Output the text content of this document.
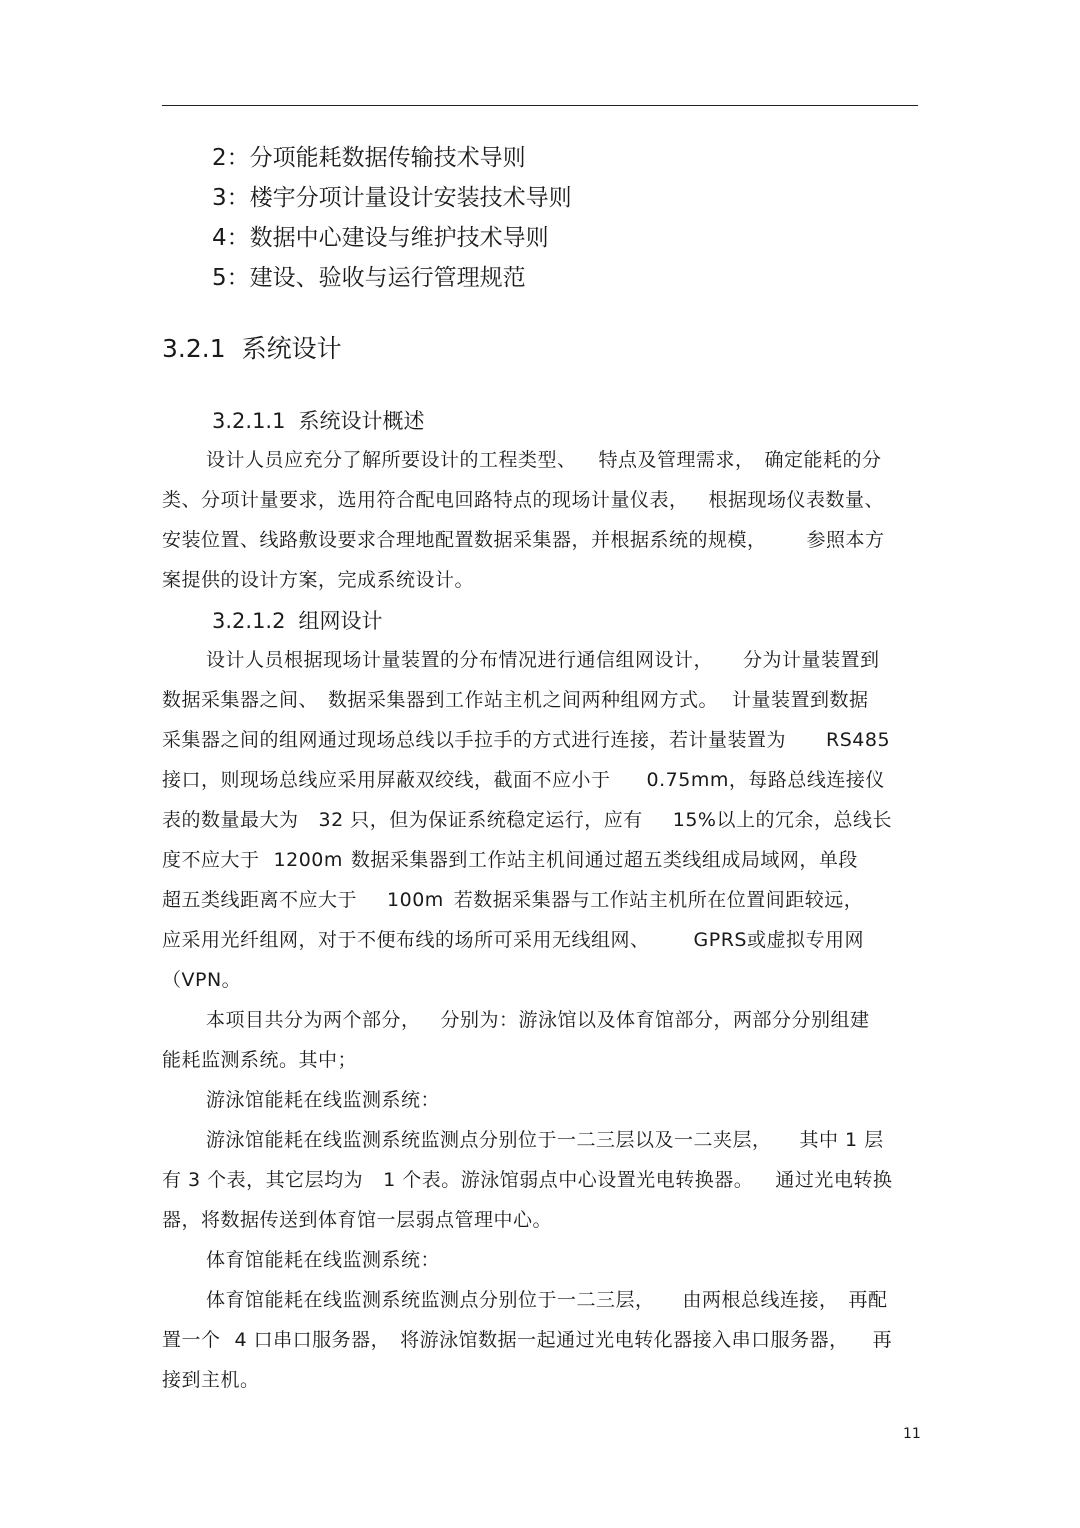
2：分项能耗数据传输技术导则
3：楼宇分项计量设计安装技术导则
4：数据中心建设与维护技术导则
5：建设、验收与运行管理规范
3.2.1 系统设计
3.2.1.1 系统设计概述
设计人员应充分了解所要设计的工程类型、 特点及管理需求， 确定能耗的分
类、分项计量要求，选用符合配电回路特点的现场计量仪表， 根据现场仪表数量、
安装位置、线路敷设要求合理地配置数据采集器，并根据系统的规模， 参照本方
案提供的设计方案，完成系统设计。
3.2.1.2 组网设计
设计人员根据现场计量装置的分布情况进行通信组网设计， 分为计量装置到
数据采集器之间、 数据采集器到工作站主机之间两种组网方式。 计量装置到数据
采集器之间的组网通过现场总线以手拉手的方式进行连接，若计量装置为 RS485
接口，则现场总线应采用屏蔽双绞线，截面不应小于 0.75mm，每路总线连接仪
表的数量最大为 32 只，但为保证系统稳定运行，应有 15%以上的冗余，总线长
度不应大于 1200m 数据采集器到工作站主机间通过超五类线组成局域网，单段
超五类线距离不应大于 100m 若数据采集器与工作站主机所在位置间距较远，
应采用光纤组网，对于不便布线的场所可采用无线组网、 GPRS或虚拟专用网
（VPN。
本项目共分为两个部分， 分别为：游泳馆以及体育馆部分，两部分分别组建
能耗监测系统。其中；
游泳馆能耗在线监测系统：
游泳馆能耗在线监测系统监测点分别位于一二三层以及一二夹层， 其中 1 层
有 3 个表，其它层均为 1 个表。游泳馆弱点中心设置光电转换器。 通过光电转换
器，将数据传送到体育馆一层弱点管理中心。
体育馆能耗在线监测系统：
体育馆能耗在线监测系统监测点分别位于一二三层， 由两根总线连接， 再配
置一个 4 口串口服务器， 将游泳馆数据一起通过光电转化器接入串口服务器， 再
接到主机。
11
